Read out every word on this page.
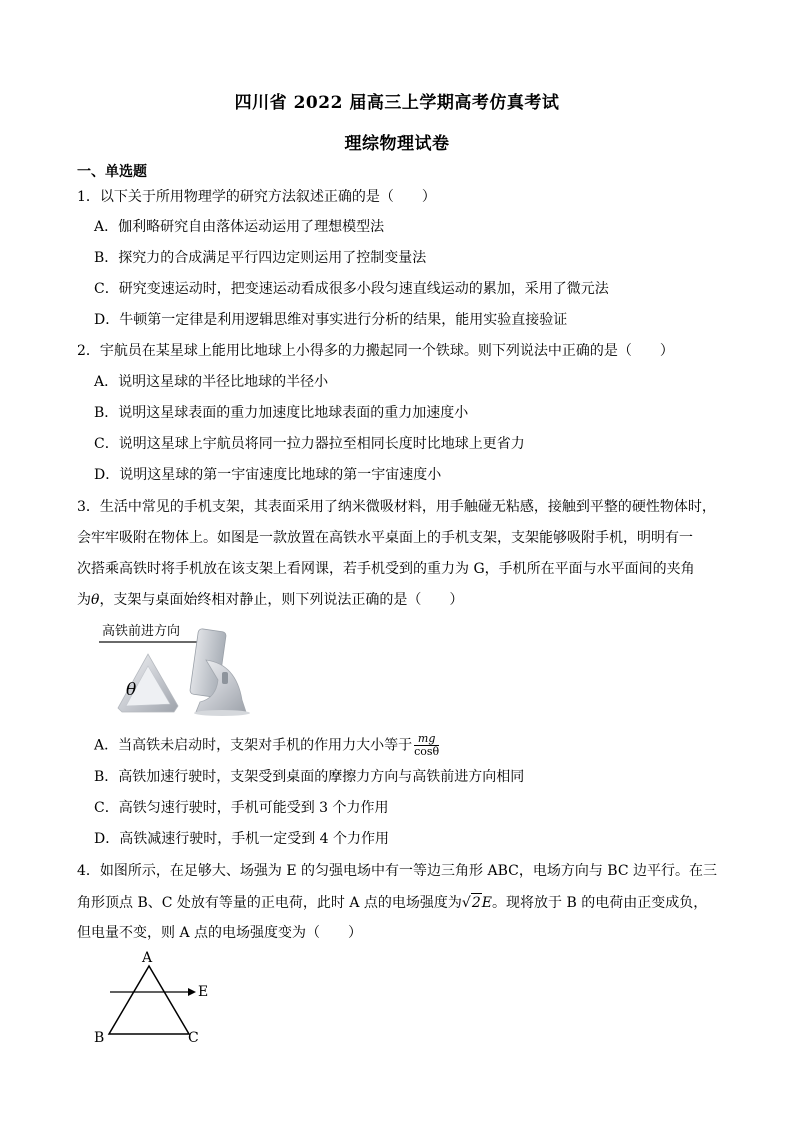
四川省 2022 届高三上学期高考仿真考试
理综物理试卷
一、单选题
1．以下关于所用物理学的研究方法叙述正确的是（　　）
A．伽利略研究自由落体运动运用了理想模型法
B．探究力的合成满足平行四边定则运用了控制变量法
C．研究变速运动时，把变速运动看成很多小段匀速直线运动的累加，采用了微元法
D．牛顿第一定律是利用逻辑思维对事实进行分析的结果，能用实验直接验证
2．宇航员在某星球上能用比地球上小得多的力搬起同一个铁球。则下列说法中正确的是（　　）
A．说明这星球的半径比地球的半径小
B．说明这星球表面的重力加速度比地球表面的重力加速度小
C．说明这星球上宇航员将同一拉力器拉至相同长度时比地球上更省力
D．说明这星球的第一宇宙速度比地球的第一宇宙速度小
3．生活中常见的手机支架，其表面采用了纳米微吸材料，用手触碰无粘感，接触到平整的硬性物体时，
会牢牢吸附在物体上。如图是一款放置在高铁水平桌面上的手机支架，支架能够吸附手机，明明有一
次搭乘高铁时将手机放在该支架上看网课，若手机受到的重力为 G，手机所在平面与水平面间的夹角
为θ，支架与桌面始终相对静止，则下列说法正确的是（　　）
高铁前进方向
θ
A．当高铁未启动时，支架对手机的作用力大小等于 $\frac{mg}{\cos\theta}$
B．高铁加速行驶时，支架受到桌面的摩擦力方向与高铁前进方向相同
C．高铁匀速行驶时，手机可能受到 3 个力作用
D．高铁减速行驶时，手机一定受到 4 个力作用
4．如图所示，在足够大、场强为 E 的匀强电场中有一等边三角形 ABC，电场方向与 BC 边平行。在三
角形顶点 B、C 处放有等量的正电荷，此时 A 点的电场强度为√2E。现将放于 B 的电荷由正变成负，
但电量不变，则 A 点的电场强度变为（　　）
A
B	C
E
